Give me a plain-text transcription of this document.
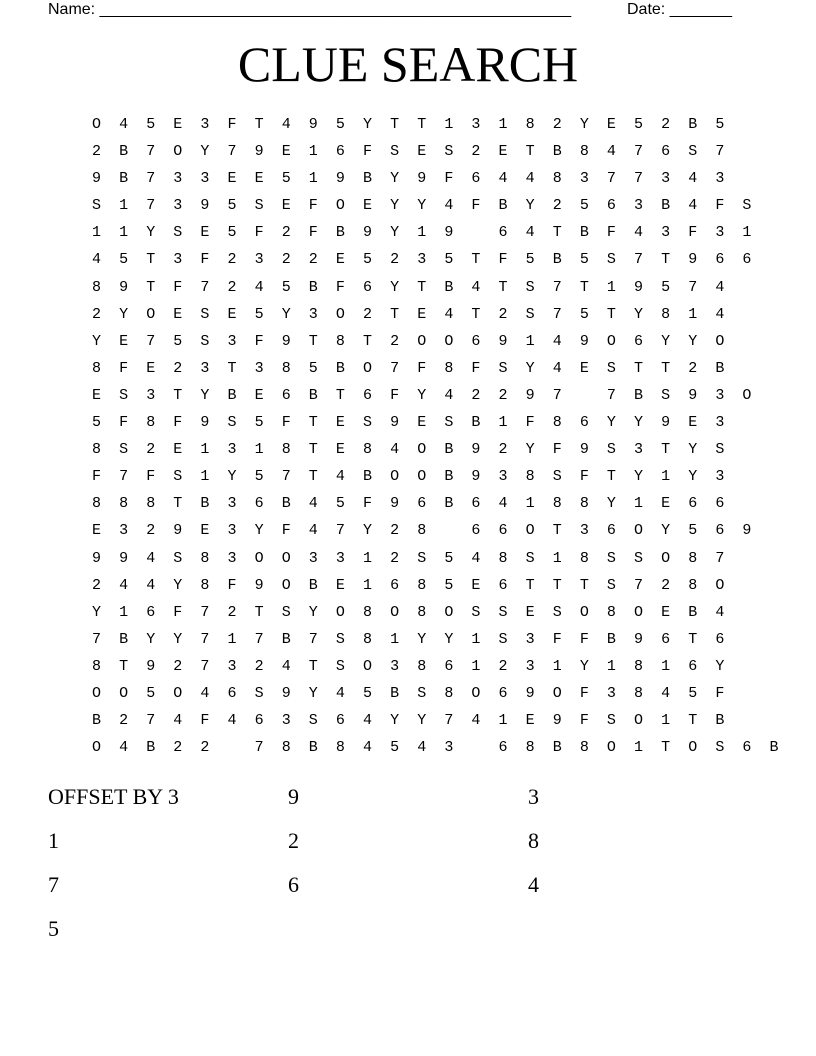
Name: _____________________________________________________	Date: _______
CLUE SEARCH
O45E3FT495YTT13182YE52B5
2B7OY79E16FSES2ETB8476S7
9B733EE519BY9F6448377343
S17395SEFOEYY4FBY2563B4FS
11YSE5F2FB9Y19 64TBF43F31
45T3F2322E5235TF5B5S7T966
89TF7245BF6YTB4TS7T19574
2YOESE5Y3O2TE4T2S75TY814
YE75S3F9T8T2OO69149O6YYO
8FE23T385BO7F8FSY4ESTT2B
ES3TYBE6BT6FY42297 7BS93O
5F8F9S5FTES9ESB1F86YY9E3
8S2E1318TE84OB92YF9S3TYS
F7FS1Y57T4BOOB938SFTY1Y3
888TB36B45F96B64188Y1E66
E329E3YF47Y28 66OT36OY569
994S83OO3312S548S18SSO87
244Y8F9OBE1685E6TTTS728O
Y16F72TSYO8O8OSSESO8OEB4
7BYY717B7S81YY1S3FFB96T6
8T927324TSO3861231Y1816Y
OO5O46S9Y45BS8O69OF3845F
B274F463S64YY741E9FSO1TB
O4B22 78B84543 68B8O1TOS6B
OFFSET BY 3	9	3
1	2	8
7	6	4
5
